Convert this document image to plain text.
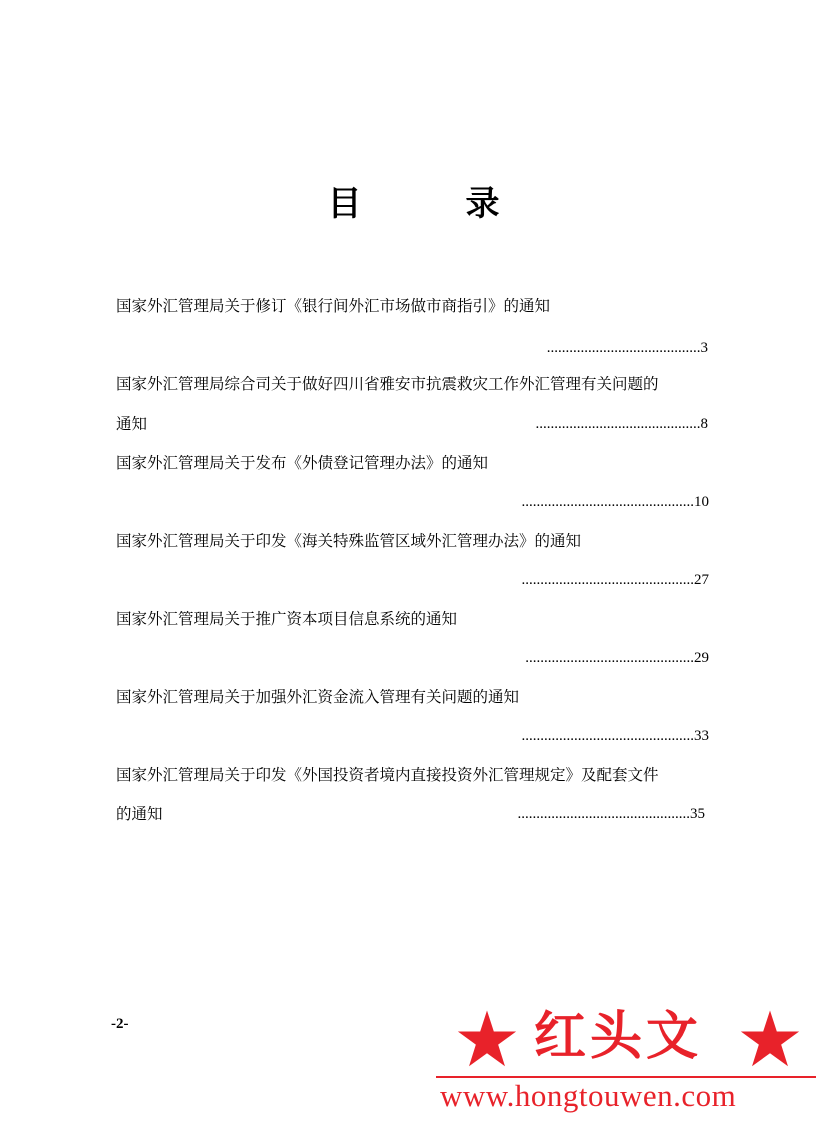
目	录
国家外汇管理局关于修订《银行间外汇市场做市商指引》的通知
.........................................3
国家外汇管理局综合司关于做好四川省雅安市抗震救灾工作外汇管理有关问题的
通知	............................................8
国家外汇管理局关于发布《外债登记管理办法》的通知
..............................................10
国家外汇管理局关于印发《海关特殊监管区域外汇管理办法》的通知
..............................................27
国家外汇管理局关于推广资本项目信息系统的通知
.............................................29
国家外汇管理局关于加强外汇资金流入管理有关问题的通知
..............................................33
国家外汇管理局关于印发《外国投资者境内直接投资外汇管理规定》及配套文件
的通知	..............................................35
-2-	红头文
www.hongtouwen.com
